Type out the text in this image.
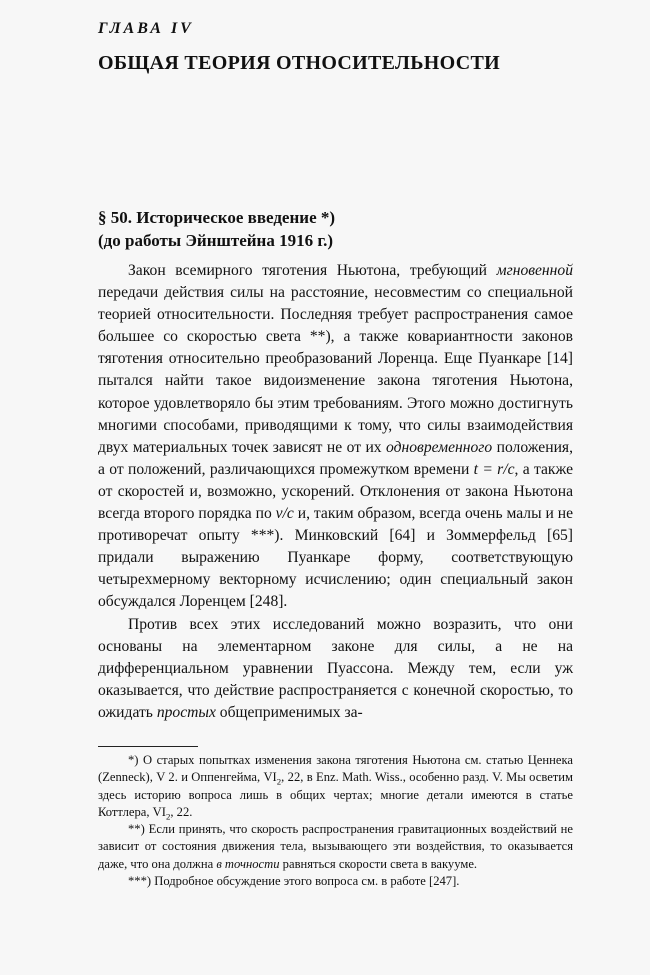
ГЛАВА IV
ОБЩАЯ ТЕОРИЯ ОТНОСИТЕЛЬНОСТИ
§ 50. Историческое введение *)
(до работы Эйнштейна 1916 г.)

Закон всемирного тяготения Ньютона, требующий мгновенной передачи действия силы на расстояние, несовместим со специальной теорией относительности. Последняя требует распространения самое большее со скоростью света **), а также ковариантности законов тяготения относительно преобразований Лоренца. Еще Пуанкаре [14] пытался найти такое видоизменение закона тяготения Ньютона, которое удовлетворяло бы этим требованиям. Этого можно достигнуть многими способами, приводящими к тому, что силы взаимодействия двух материальных точек зависят не от их одновременного положения, а от положений, различающихся промежутком времени t = r/c, а также от скоростей и, возможно, ускорений. Отклонения от закона Ньютона всегда второго порядка по v/c и, таким образом, всегда очень малы и не противоречат опыту ***). Минковский [64] и Зоммерфельд [65] придали выражению Пуанкаре форму, соответствующую четырехмерному векторному исчислению; один специальный закон обсуждался Лоренцем [248].

Против всех этих исследований можно возразить, что они основаны на элементарном законе для силы, а не на дифференциальном уравнении Пуассона. Между тем, если уж оказывается, что действие распространяется с конечной скоростью, то ожидать простых общеприменимых за-

*) О старых попытках изменения закона тяготения Ньютона см. статью Ценнека (Zenneck), V 2. и Оппенгейма, $VI_2$, 22, в Enz. Math. Wiss., особенно разд. V. Мы осветим здесь историю вопроса лишь в общих чертах; многие детали имеются в статье Коттлера, $VI_2$, 22.

**) Если принять, что скорость распространения гравитационных воздействий не зависит от состояния движения тела, вызывающего эти воздействия, то оказывается даже, что она должна в точности равняться скорости света в вакууме.

***) Подробное обсуждение этого вопроса см. в работе [247].
